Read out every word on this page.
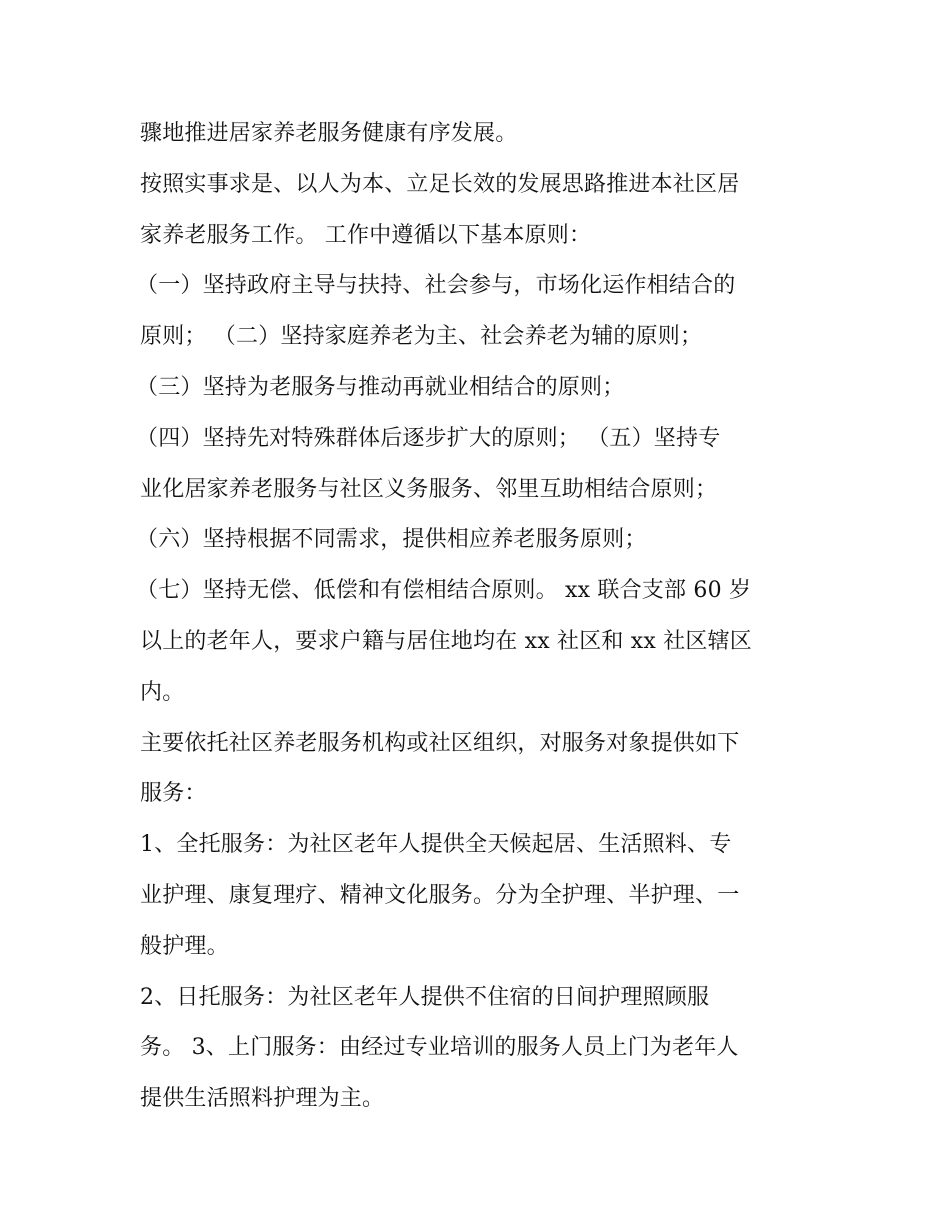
骤地推进居家养老服务健康有序发展。
按照实事求是、以人为本、立足长效的发展思路推进本社区居
家养老服务工作。 工作中遵循以下基本原则：
（一）坚持政府主导与扶持、社会参与，市场化运作相结合的
原则； （二）坚持家庭养老为主、社会养老为辅的原则；
（三）坚持为老服务与推动再就业相结合的原则；
（四）坚持先对特殊群体后逐步扩大的原则； （五）坚持专
业化居家养老服务与社区义务服务、邻里互助相结合原则；
（六）坚持根据不同需求，提供相应养老服务原则；
（七）坚持无偿、低偿和有偿相结合原则。 xx 联合支部 60 岁
以上的老年人，要求户籍与居住地均在 xx 社区和 xx 社区辖区
内。
主要依托社区养老服务机构或社区组织，对服务对象提供如下
服务：
1、全托服务：为社区老年人提供全天候起居、生活照料、专
业护理、康复理疗、精神文化服务。分为全护理、半护理、一
般护理。
2、日托服务：为社区老年人提供不住宿的日间护理照顾服
务。 3、上门服务：由经过专业培训的服务人员上门为老年人
提供生活照料护理为主。
